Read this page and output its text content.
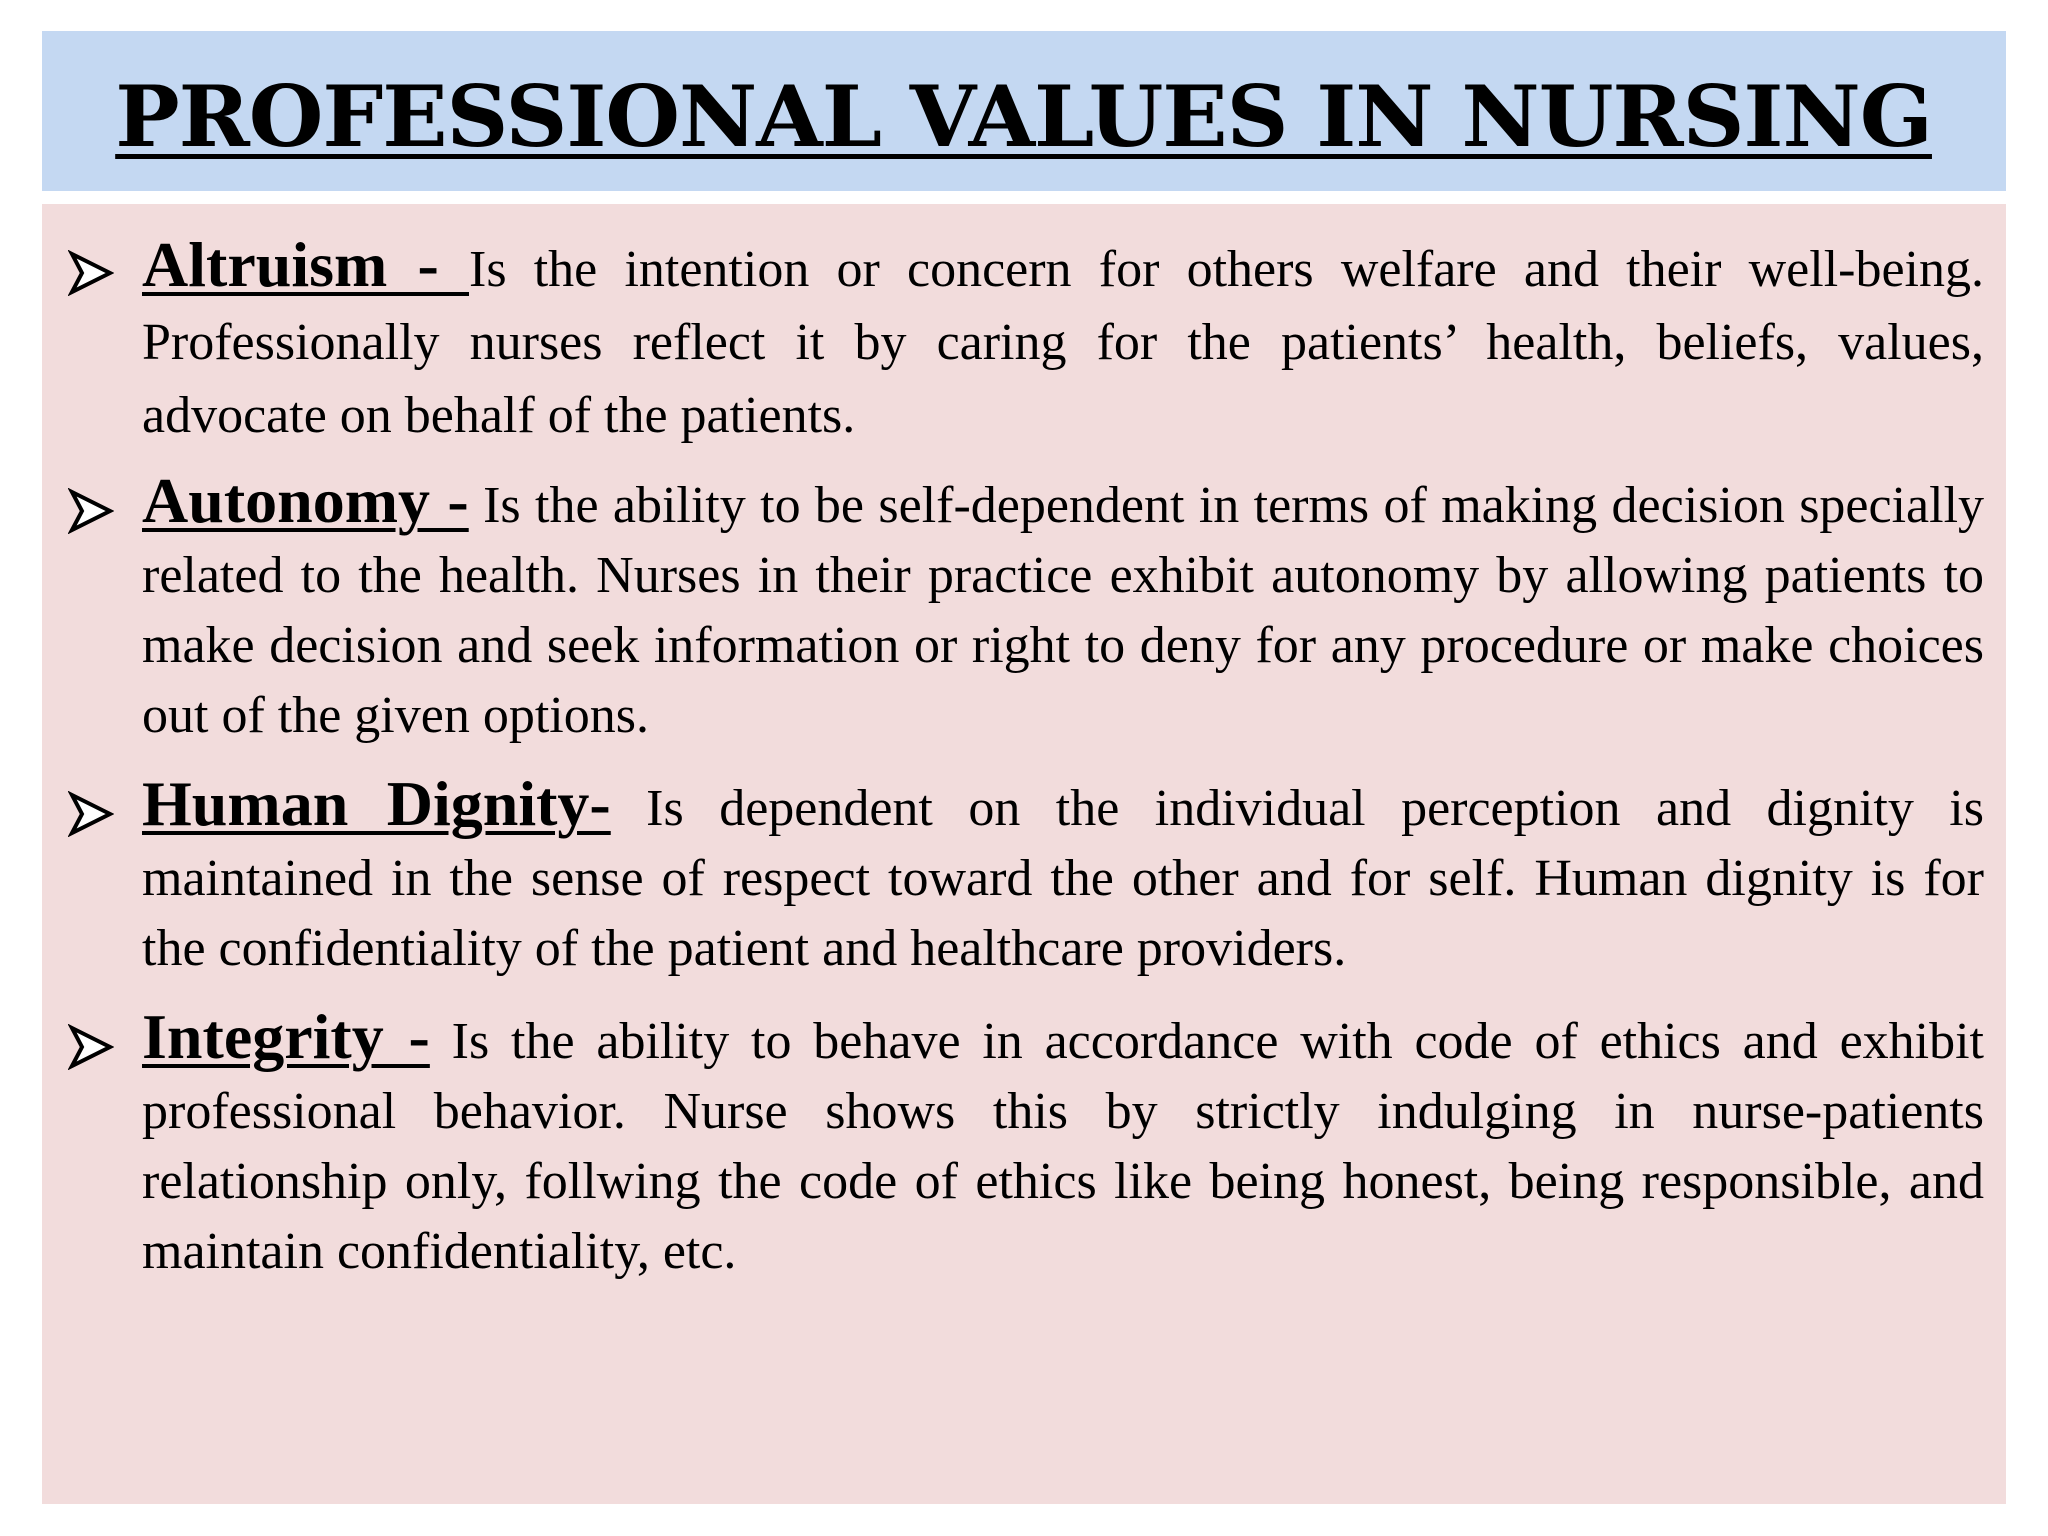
PROFESSIONAL VALUES IN NURSING

Altruism - Is the intention or concern for others welfare and their well-being. Professionally nurses reflect it by caring for the patients’ health, beliefs, values, advocate on behalf of the patients.

Autonomy - Is the ability to be self-dependent in terms of making decision specially related to the health. Nurses in their practice exhibit autonomy by allowing patients to make decision and seek information or right to deny for any procedure or make choices out of the given options.

Human Dignity- Is dependent on the individual perception and dignity is maintained in the sense of respect toward the other and for self. Human dignity is for the confidentiality of the patient and healthcare providers.

Integrity - Is the ability to behave in accordance with code of ethics and exhibit professional behavior. Nurse shows this by strictly indulging in nurse-patients relationship only, follwing the code of ethics like being honest, being responsible, and maintain confidentiality, etc.
